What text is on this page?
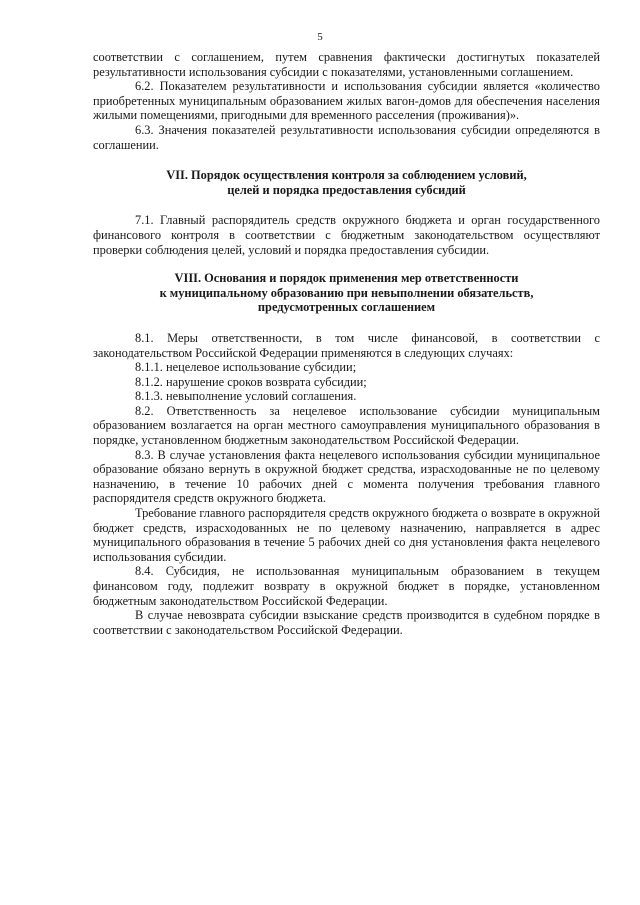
5

соответствии с соглашением, путем сравнения фактически достигнутых показателей результативности использования субсидии с показателями, установленными соглашением.

6.2. Показателем результативности и использования субсидии является «количество приобретенных муниципальным образованием жилых вагон-домов для обеспечения населения жилыми помещениями, пригодными для временного расселения (проживания)».

6.3. Значения показателей результативности использования субсидии определяются в соглашении.

VII. Порядок осуществления контроля за соблюдением условий,
целей и порядка предоставления субсидий

7.1. Главный распорядитель средств окружного бюджета и орган государственного финансового контроля в соответствии с бюджетным законодательством осуществляют проверки соблюдения целей, условий и порядка предоставления субсидии.

VIII. Основания и порядок применения мер ответственности
к муниципальному образованию при невыполнении обязательств,
предусмотренных соглашением

8.1. Меры ответственности, в том числе финансовой, в соответствии с законодательством Российской Федерации применяются в следующих случаях:

8.1.1. нецелевое использование субсидии;

8.1.2. нарушение сроков возврата субсидии;

8.1.3. невыполнение условий соглашения.

8.2. Ответственность за нецелевое использование субсидии муниципальным образованием возлагается на орган местного самоуправления муниципального образования в порядке, установленном бюджетным законодательством Российской Федерации.

8.3. В случае установления факта нецелевого использования субсидии муниципальное образование обязано вернуть в окружной бюджет средства, израсходованные не по целевому назначению, в течение 10 рабочих дней с момента получения требования главного распорядителя средств окружного бюджета.

Требование главного распорядителя средств окружного бюджета о возврате в окружной бюджет средств, израсходованных не по целевому назначению, направляется в адрес муниципального образования в течение 5 рабочих дней со дня установления факта нецелевого использования субсидии.

8.4. Субсидия, не использованная муниципальным образованием в текущем финансовом году, подлежит возврату в окружной бюджет в порядке, установленном бюджетным законодательством Российской Федерации.

В случае невозврата субсидии взыскание средств производится в судебном порядке в соответствии с законодательством Российской Федерации.
